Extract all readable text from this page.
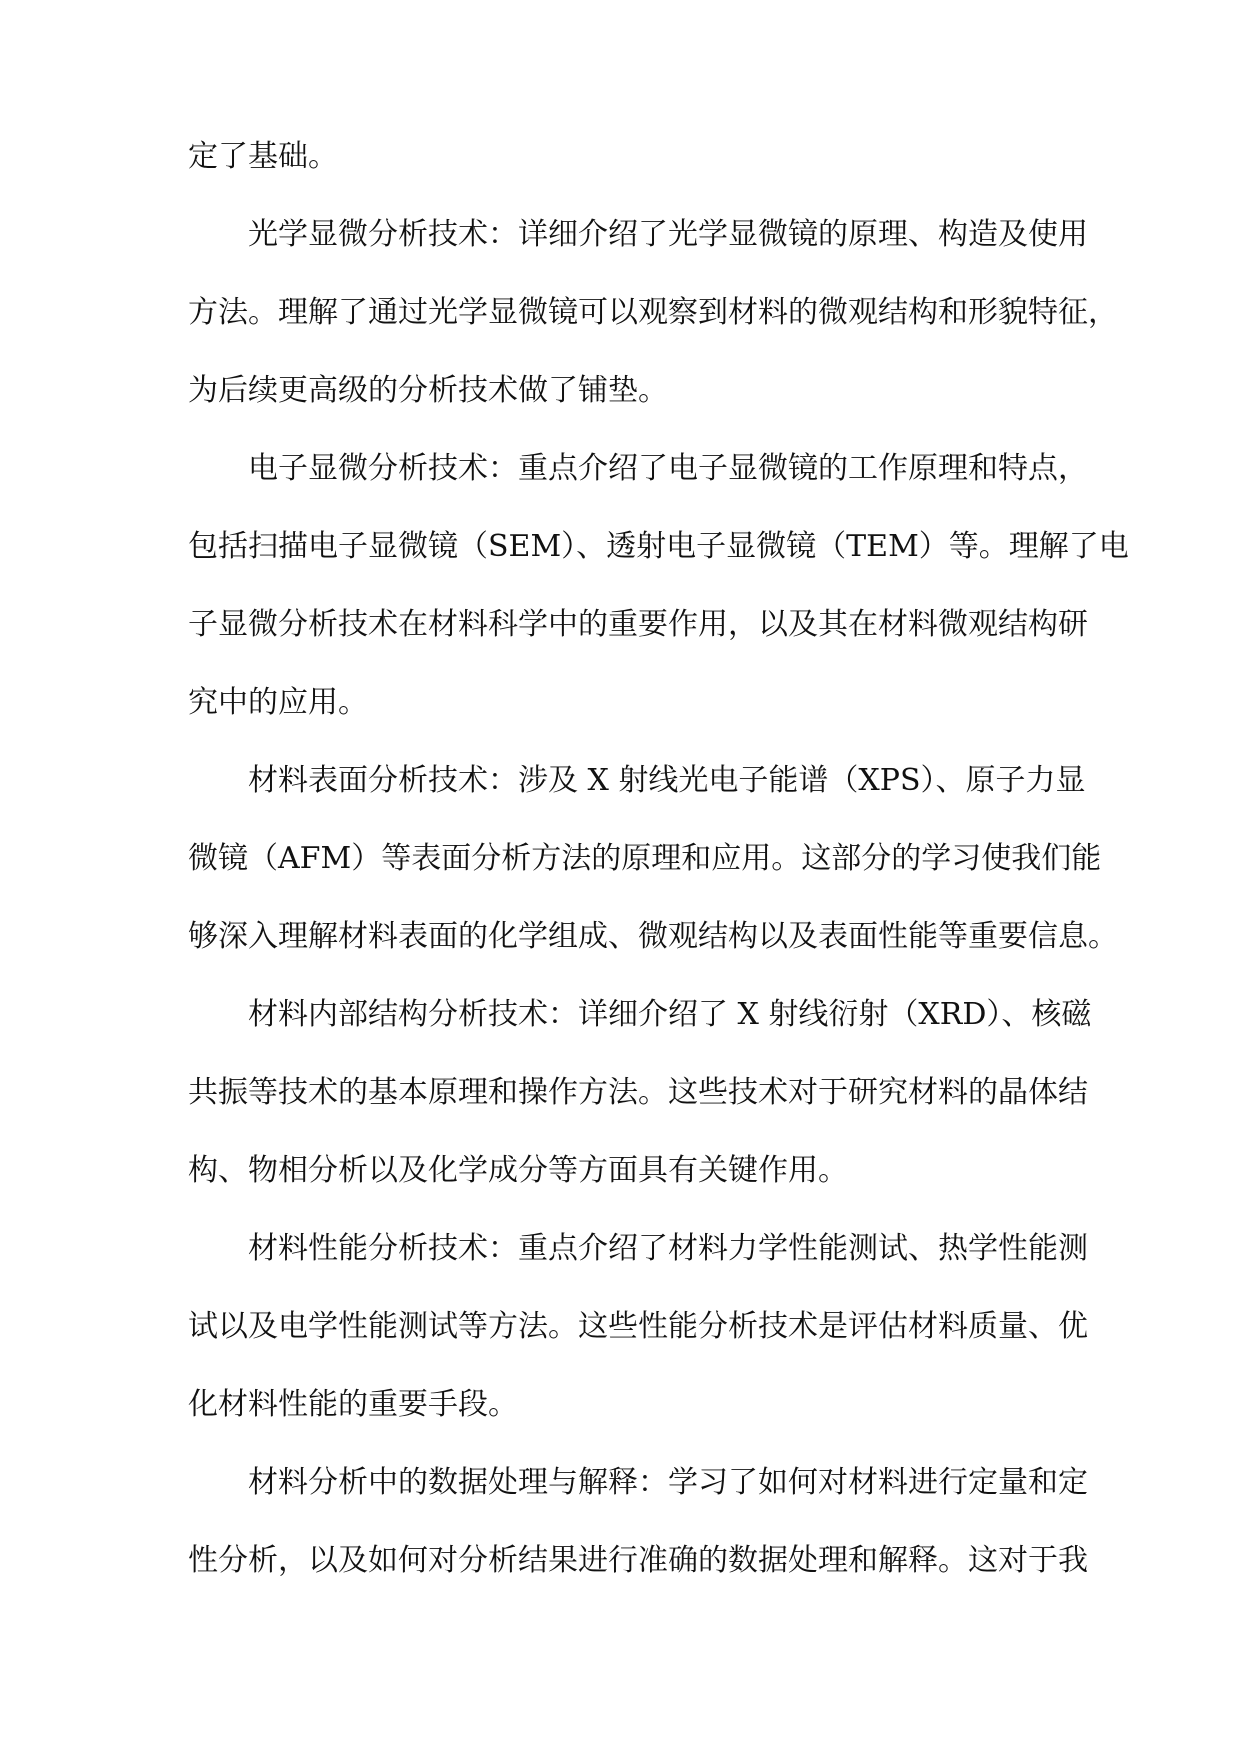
定了基础。
光学显微分析技术：详细介绍了光学显微镜的原理、构造及使用
方法。理解了通过光学显微镜可以观察到材料的微观结构和形貌特征，
为后续更高级的分析技术做了铺垫。
电子显微分析技术：重点介绍了电子显微镜的工作原理和特点，
包括扫描电子显微镜（SEM）、透射电子显微镜（TEM）等。理解了电
子显微分析技术在材料科学中的重要作用，以及其在材料微观结构研
究中的应用。
材料表面分析技术：涉及 X 射线光电子能谱（XPS）、原子力显
微镜（AFM）等表面分析方法的原理和应用。这部分的学习使我们能
够深入理解材料表面的化学组成、微观结构以及表面性能等重要信息。
材料内部结构分析技术：详细介绍了 X 射线衍射（XRD）、核磁
共振等技术的基本原理和操作方法。这些技术对于研究材料的晶体结
构、物相分析以及化学成分等方面具有关键作用。
材料性能分析技术：重点介绍了材料力学性能测试、热学性能测
试以及电学性能测试等方法。这些性能分析技术是评估材料质量、优
化材料性能的重要手段。
材料分析中的数据处理与解释：学习了如何对材料进行定量和定
性分析，以及如何对分析结果进行准确的数据处理和解释。这对于我
